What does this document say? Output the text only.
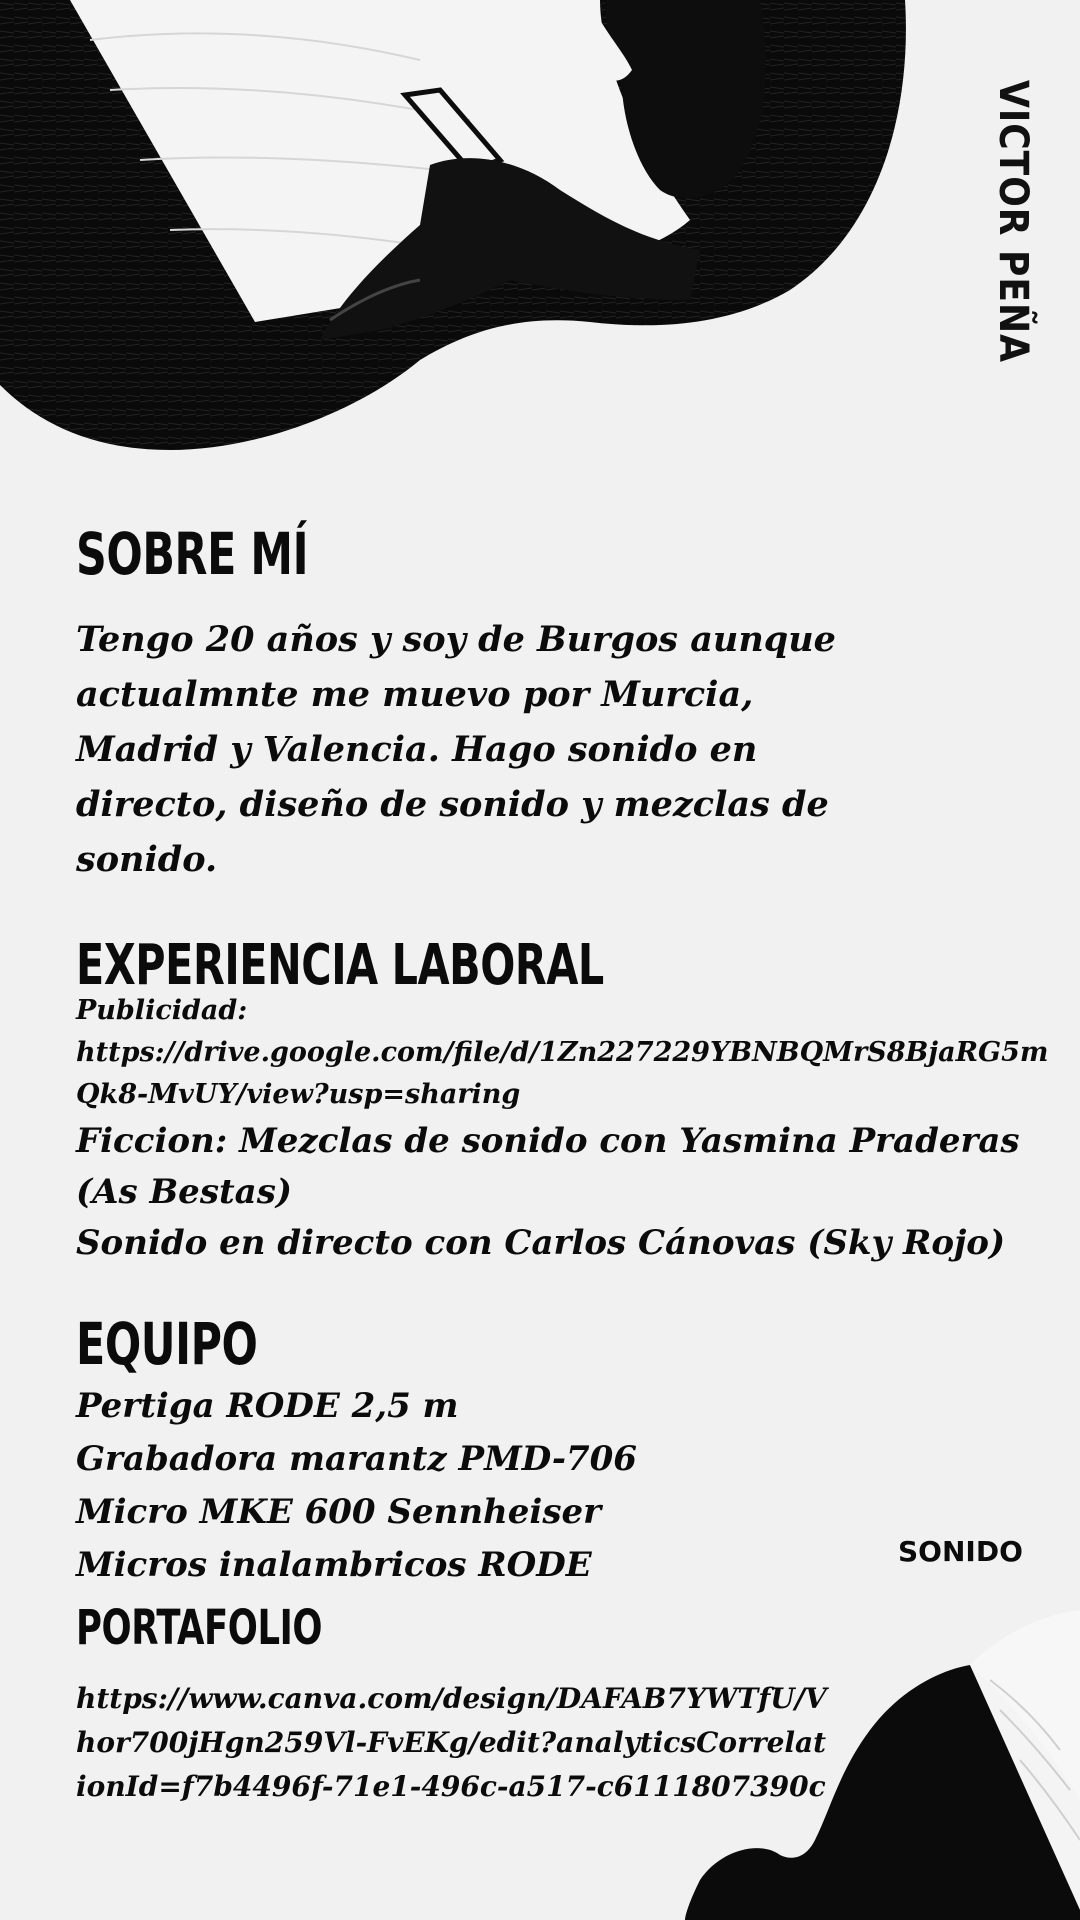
VICTOR PEÑA
SOBRE MÍ

Tengo 20 años y soy de Burgos aunque actualmnte me muevo por Murcia, Madrid y Valencia. Hago sonido en directo, diseño de sonido y mezclas de sonido.

EXPERIENCIA LABORAL
Publicidad:
https://drive.google.com/file/d/1Zn227229YBNBQMrS8BjaRG5mQk8-MvUY/view?usp=sharing
Ficcion: Mezclas de sonido con Yasmina Praderas (As Bestas)
Sonido en directo con Carlos Cánovas (Sky Rojo)
EQUIPO
Pertiga RODE 2,5 m
Grabadora marantz PMD-706
Micro MKE 600 Sennheiser
Micros inalambricos RODE	SONIDO
PORTAFOLIO
https://www.canva.com/design/DAFAB7YWTfU/Vhor700jHgn259Vl-FvEKg/edit?analyticsCorrelationId=f7b4496f-71e1-496c-a517-c6111807390c
